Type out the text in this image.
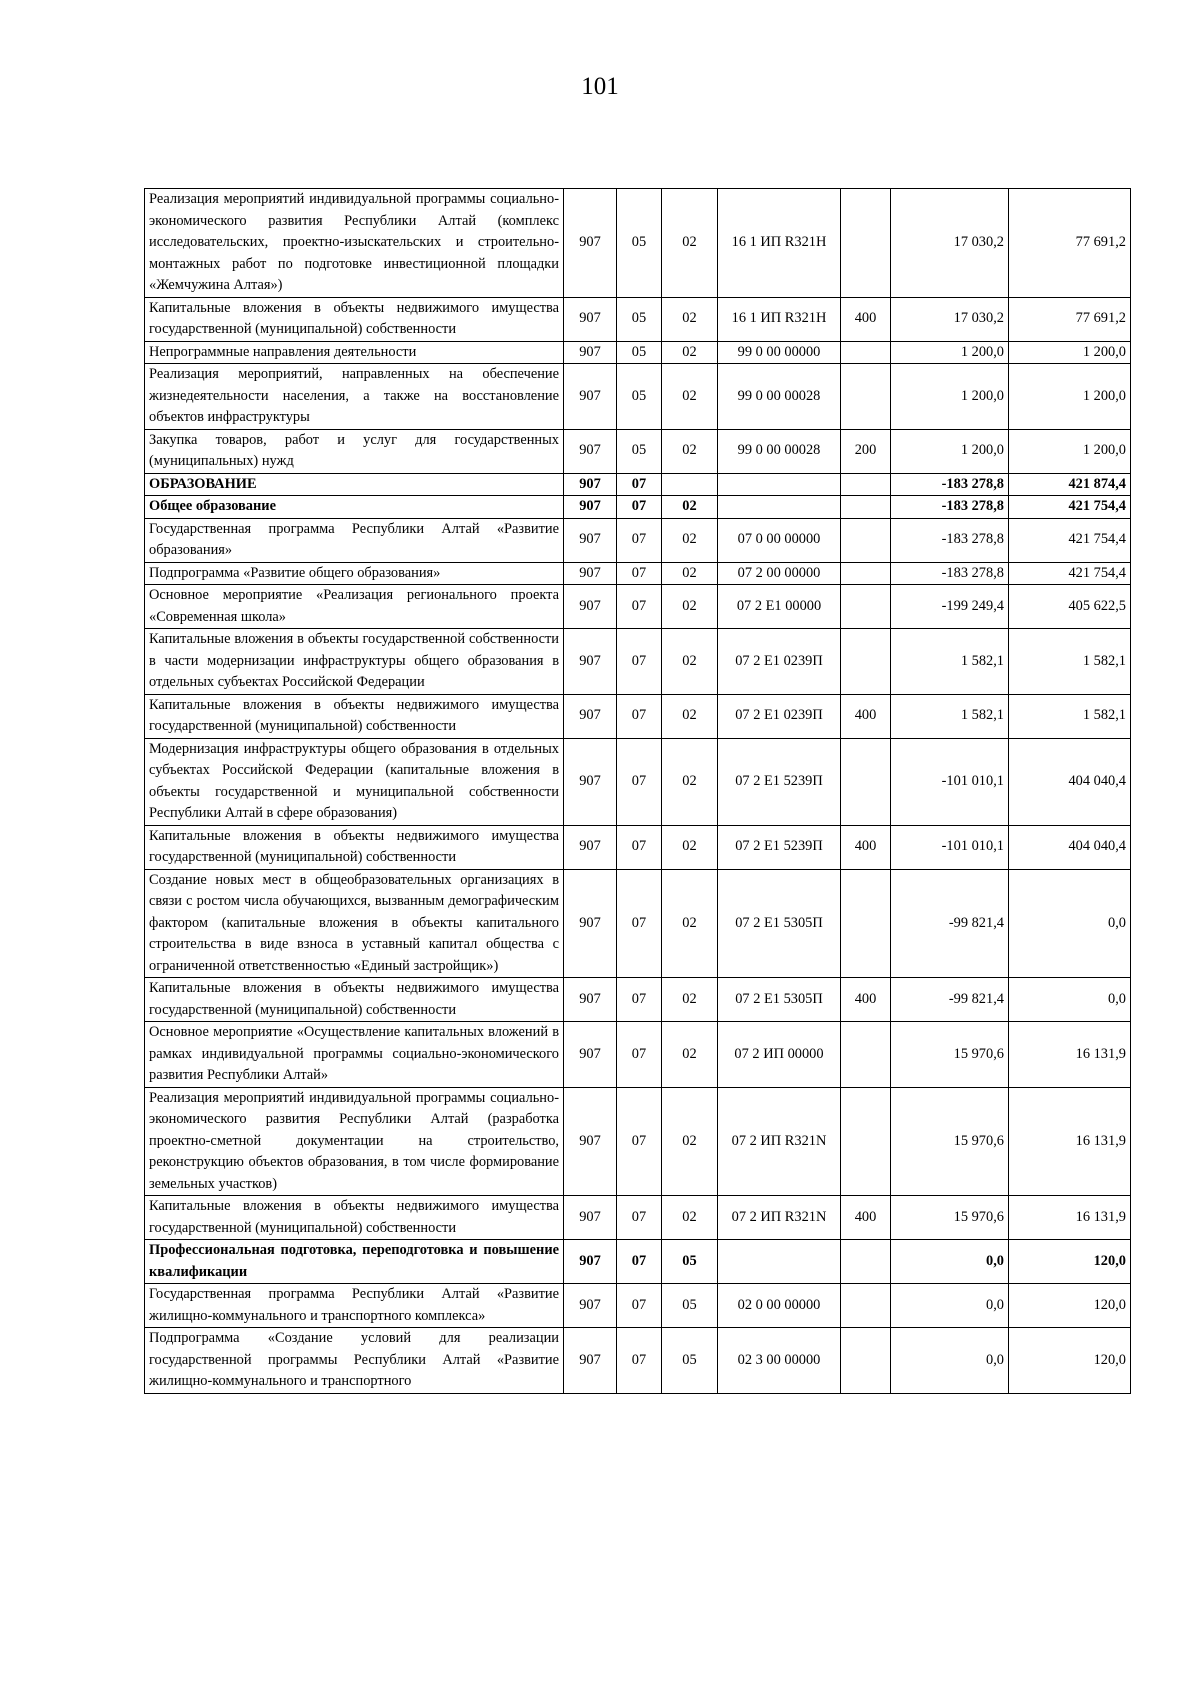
101
Реализация мероприятий индивидуальной программы социально-экономического развития Республики Алтай (комплекс исследовательских, проектно-изыскательских и строительно-монтажных работ по подготовке инвестиционной площадки «Жемчужина Алтая»)	907	05	02	16 1 ИП R321Н		17 030,2	77 691,2
Капитальные вложения в объекты недвижимого имущества государственной (муниципальной) собственности	907	05	02	16 1 ИП R321Н	400	17 030,2	77 691,2
Непрограммные направления деятельности	907	05	02	99 0 00 00000		1 200,0	1 200,0
Реализация мероприятий, направленных на обеспечение жизнедеятельности населения, а также на восстановление объектов инфраструктуры	907	05	02	99 0 00 00028		1 200,0	1 200,0
Закупка товаров, работ и услуг для государственных (муниципальных) нужд	907	05	02	99 0 00 00028	200	1 200,0	1 200,0
ОБРАЗОВАНИЕ	907	07				-183 278,8	421 874,4
Общее образование	907	07	02			-183 278,8	421 754,4
Государственная программа Республики Алтай «Развитие образования»	907	07	02	07 0 00 00000		-183 278,8	421 754,4
Подпрограмма «Развитие общего образования»	907	07	02	07 2 00 00000		-183 278,8	421 754,4
Основное мероприятие «Реализация регионального проекта «Современная школа»	907	07	02	07 2 Е1 00000		-199 249,4	405 622,5
Капитальные вложения в объекты государственной собственности в части модернизации инфраструктуры общего образования в отдельных субъектах Российской Федерации	907	07	02	07 2 Е1 0239П		1 582,1	1 582,1
Капитальные вложения в объекты недвижимого имущества государственной (муниципальной) собственности	907	07	02	07 2 Е1 0239П	400	1 582,1	1 582,1
Модернизация инфраструктуры общего образования в отдельных субъектах Российской Федерации (капитальные вложения в объекты государственной и муниципальной собственности Республики Алтай в сфере образования)	907	07	02	07 2 Е1 5239П		-101 010,1	404 040,4
Капитальные вложения в объекты недвижимого имущества государственной (муниципальной) собственности	907	07	02	07 2 Е1 5239П	400	-101 010,1	404 040,4
Создание новых мест в общеобразовательных организациях в связи с ростом числа обучающихся, вызванным демографическим фактором (капитальные вложения в объекты капитального строительства в виде взноса в уставный капитал общества с ограниченной ответственностью «Единый застройщик»)	907	07	02	07 2 Е1 5305П		-99 821,4	0,0
Капитальные вложения в объекты недвижимого имущества государственной (муниципальной) собственности	907	07	02	07 2 Е1 5305П	400	-99 821,4	0,0
Основное мероприятие «Осуществление капитальных вложений в рамках индивидуальной программы социально-экономического развития Республики Алтай»	907	07	02	07 2 ИП 00000		15 970,6	16 131,9
Реализация мероприятий индивидуальной программы социально-экономического развития Республики Алтай (разработка проектно-сметной документации на строительство, реконструкцию объектов образования, в том числе формирование земельных участков)	907	07	02	07 2 ИП R321N		15 970,6	16 131,9
Капитальные вложения в объекты недвижимого имущества государственной (муниципальной) собственности	907	07	02	07 2 ИП R321N	400	15 970,6	16 131,9
Профессиональная подготовка, переподготовка и повышение квалификации	907	07	05			0,0	120,0
Государственная программа Республики Алтай «Развитие жилищно-коммунального и транспортного комплекса»	907	07	05	02 0 00 00000		0,0	120,0
Подпрограмма «Создание условий для реализации государственной программы Республики Алтай «Развитие жилищно-коммунального и транспортного	907	07	05	02 3 00 00000		0,0	120,0
